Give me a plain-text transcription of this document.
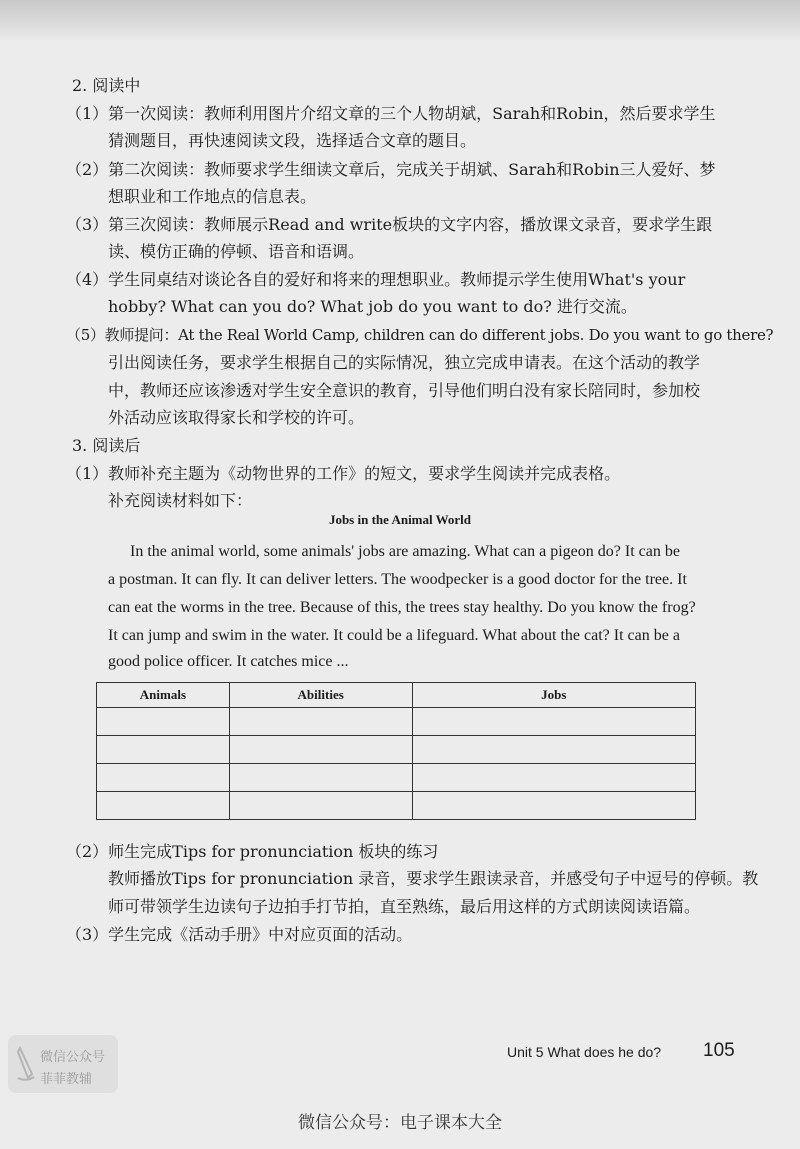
2. 阅读中
（1）第一次阅读：教师利用图片介绍文章的三个人物胡斌，Sarah和Robin，然后要求学生
猜测题目，再快速阅读文段，选择适合文章的题目。
（2）第二次阅读：教师要求学生细读文章后，完成关于胡斌、Sarah和Robin三人爱好、梦
想职业和工作地点的信息表。
（3）第三次阅读：教师展示Read and write板块的文字内容，播放课文录音，要求学生跟
读、模仿正确的停顿、语音和语调。
（4）学生同桌结对谈论各自的爱好和将来的理想职业。教师提示学生使用What's your
hobby? What can you do? What job do you want to do? 进行交流。
（5）教师提问：At the Real World Camp, children can do different jobs. Do you want to go there?
引出阅读任务，要求学生根据自己的实际情况，独立完成申请表。在这个活动的教学
中，教师还应该渗透对学生安全意识的教育，引导他们明白没有家长陪同时，参加校
外活动应该取得家长和学校的许可。
3. 阅读后
（1）教师补充主题为《动物世界的工作》的短文，要求学生阅读并完成表格。
补充阅读材料如下：
Jobs in the Animal World
In the animal world, some animals' jobs are amazing. What can a pigeon do? It can be
a postman. It can fly. It can deliver letters. The woodpecker is a good doctor for the tree. It
can eat the worms in the tree. Because of this, the trees stay healthy. Do you know the frog?
It can jump and swim in the water. It could be a lifeguard. What about the cat? It can be a
good police officer. It catches mice ...
Animals	Abilities	Jobs

（2）师生完成Tips for pronunciation 板块的练习
教师播放Tips for pronunciation 录音，要求学生跟读录音，并感受句子中逗号的停顿。教
师可带领学生边读句子边拍手打节拍，直至熟练，最后用这样的方式朗读阅读语篇。
（3）学生完成《活动手册》中对应页面的活动。
Unit 5 What does he do? 105
微信公众号
菲菲教辅
微信公众号：电子课本大全
